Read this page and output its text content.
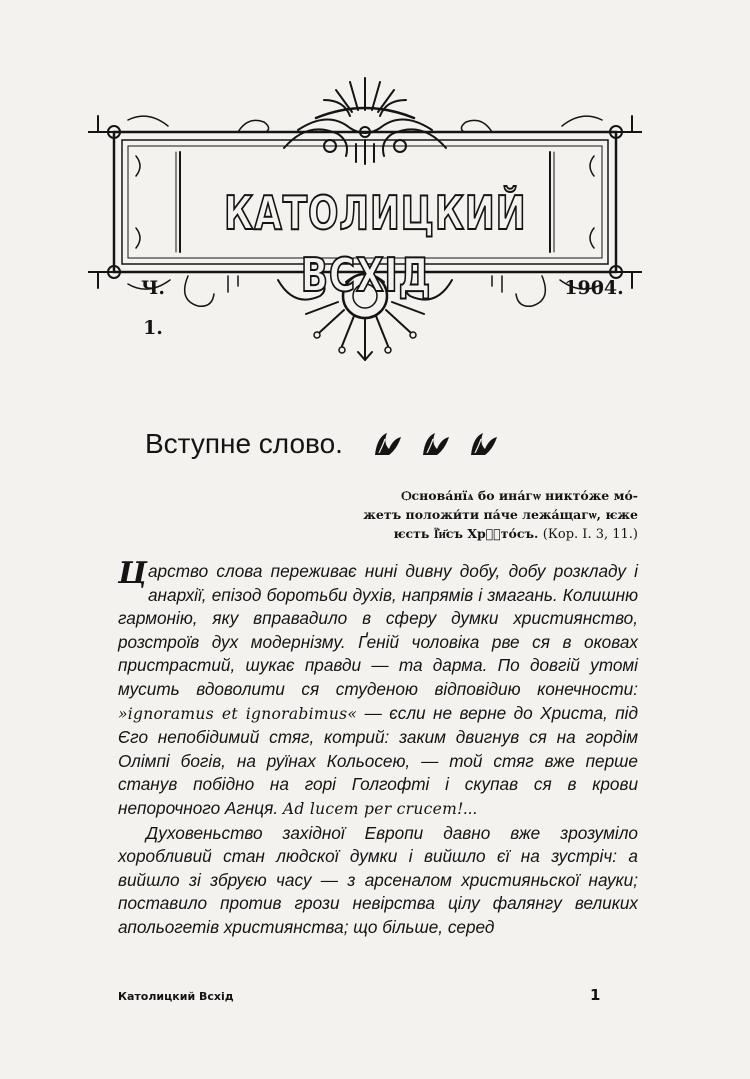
Ч. 1.
КАТОЛИЦКИЙ ВСХІД	1904.
Вступне слово.
Ѻснова́нїѧ бо ина́гѡ никто́же мо́-
жетъ положи́ти па́че лежа́щагѡ, ѥже
ѥсть Ї҆и҃съ Хрⷭ҇то́съ. (Кор. І. 3, 11.)

Царство слова переживає нині дивну добу, добу розкладу і анархії, епізод боротьби духів, напрямів і змагань. Колишню гармонію, яку вправадило в сферу думки християнство, розстроїв дух модернізму. Ґеній чоловіка рве ся в оковах пристрастий, шукає правди — та дарма. По довгій утомі мусить вдоволити ся студеною відповідию конечности: »ignoramus et ignorabimus« — єсли не верне до Христа, під Єго непобідимий стяг, котрий: заким двигнув ся на гордім Олімпі богів, на руїнах Кольосею, — той стяг вже перше станув побідно на горі Голгофті і скупав ся в крови непорочного Агнця. Ad lucem per crucem!...

Духовеньство західної Европи давно вже зрозуміло хоробливий стан людскої думки і вийшло єї на зустріч: а вийшло зі збруєю часу — з арсеналом християньскої науки; поставило против грози невірства цілу фалянгу великих апольогетів християнства; що більше, серед

Католицкий Всхід	1
